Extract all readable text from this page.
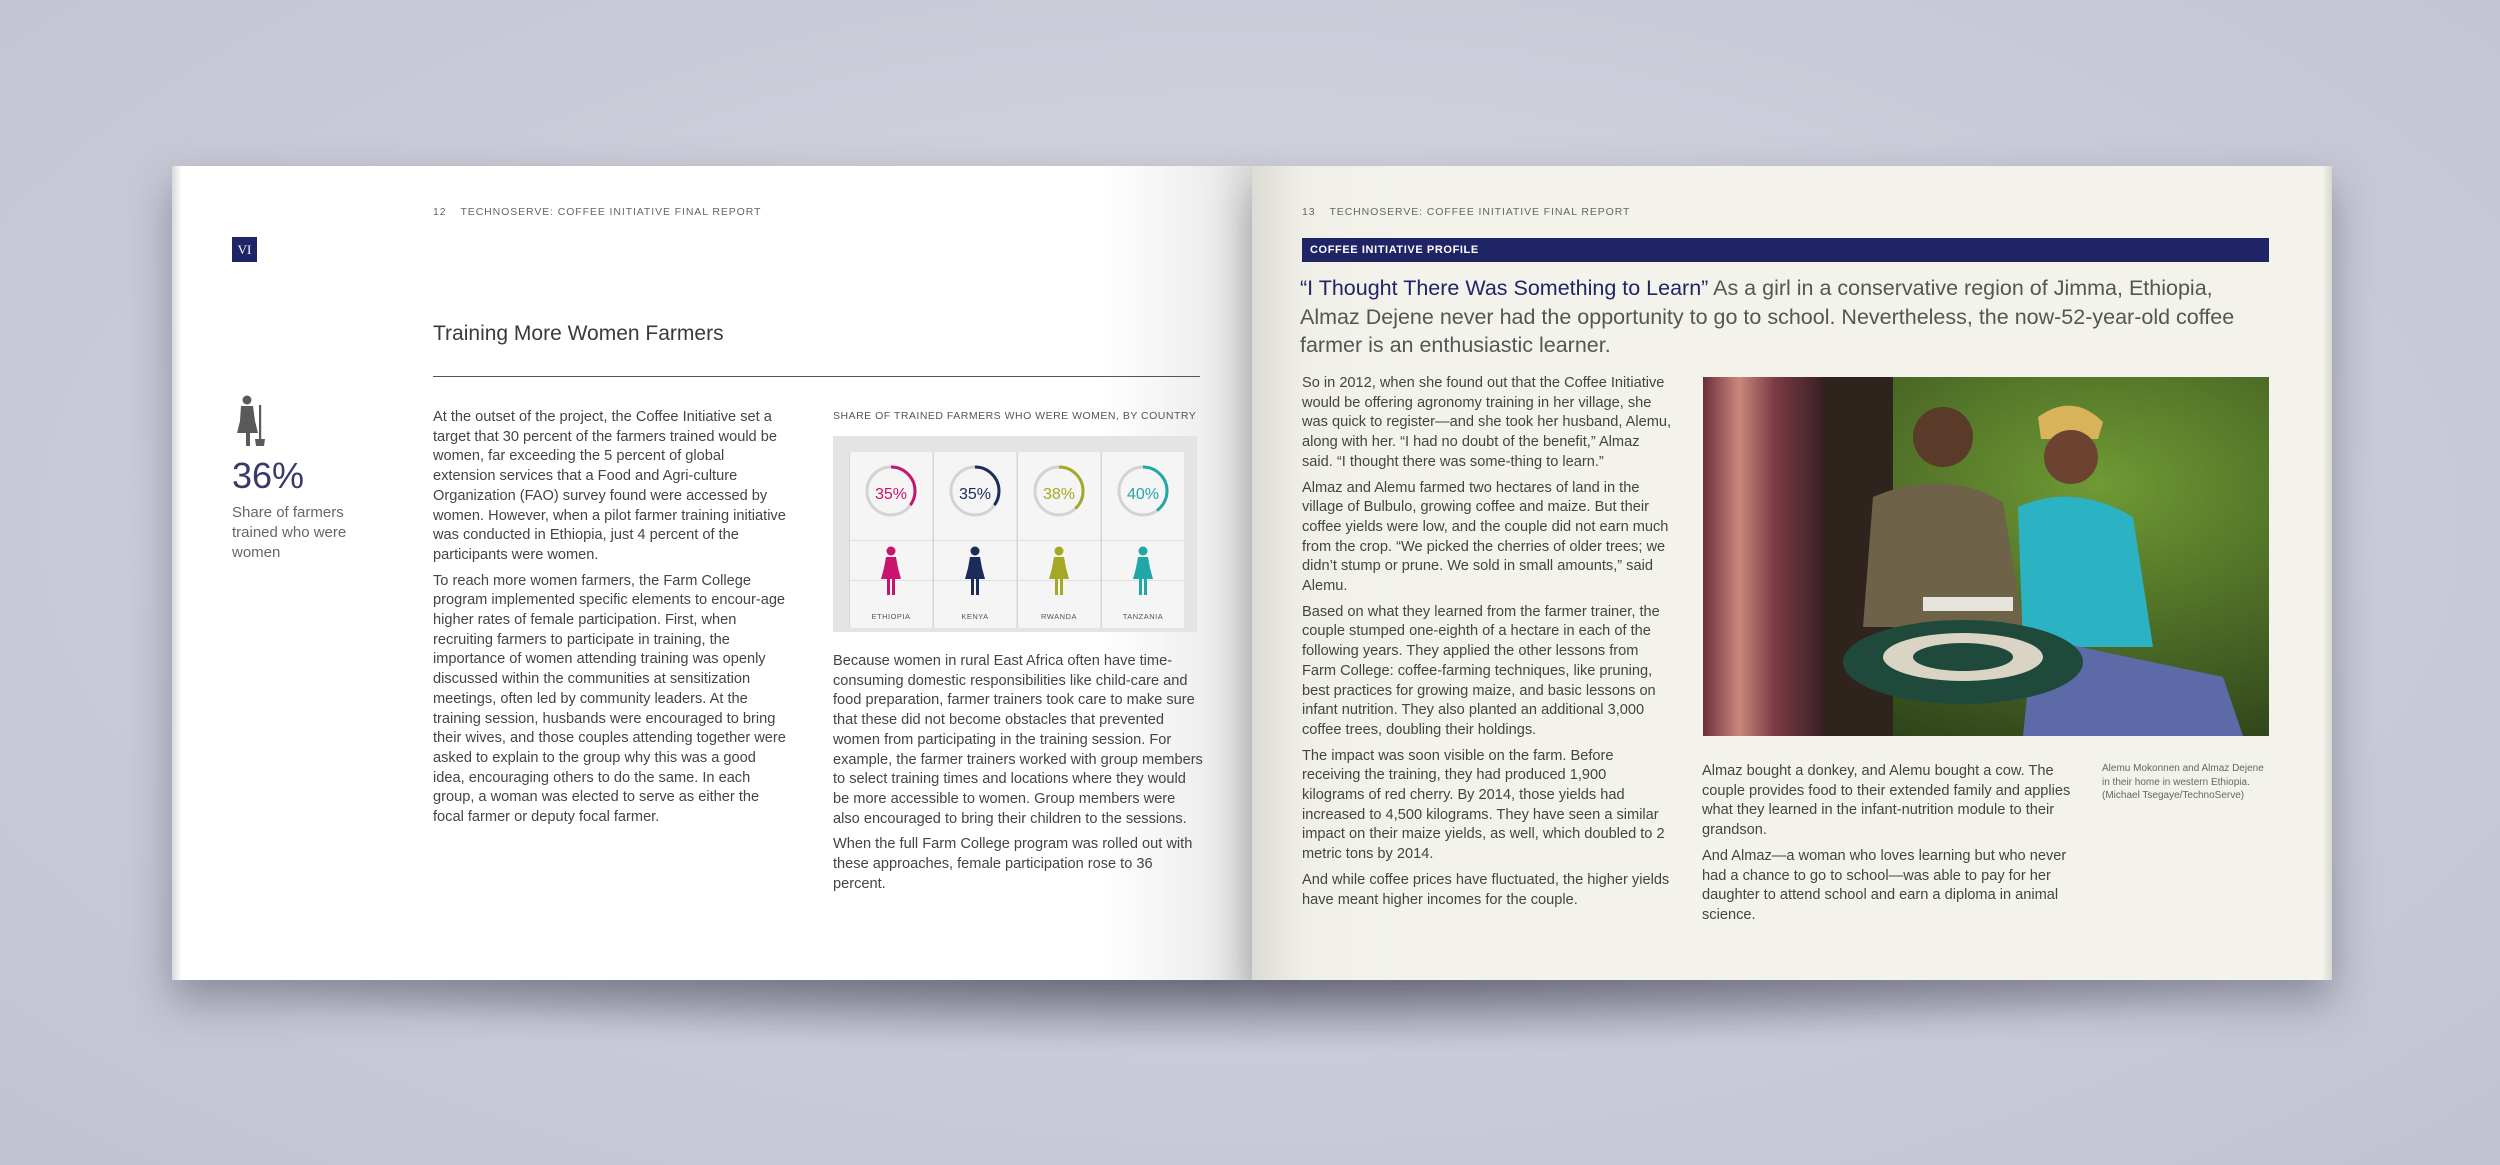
12 TECHNOSERVE: COFFEE INITIATIVE FINAL REPORT
VI
Training More Women Farmers
36%
Share of farmers trained who were women

At the outset of the project, the Coffee Initiative set a target that 30 percent of the farmers trained would be women, far exceeding the 5 percent of global extension services that a Food and Agri-culture Organization (FAO) survey found were accessed by women. However, when a pilot farmer training initiative was conducted in Ethiopia, just 4 percent of the participants were women.

To reach more women farmers, the Farm College program implemented specific elements to encour-age higher rates of female participation. First, when recruiting farmers to participate in training, the importance of women attending training was openly discussed within the communities at sensitization meetings, often led by community leaders. At the training session, husbands were encouraged to bring their wives, and those couples attending together were asked to explain to the group why this was a good idea, encouraging others to do the same. In each group, a woman was elected to serve as either the focal farmer or deputy focal farmer.

SHARE OF TRAINED FARMERS WHO WERE WOMEN, BY COUNTRY
35%
ETHIOPIA
35%
KENYA
38%
RWANDA
40%
TANZANIA

Because women in rural East Africa often have time-consuming domestic responsibilities like child-care and food preparation, farmer trainers took care to make sure that these did not become obstacles that prevented women from participating in the training session. For example, the farmer trainers worked with group members to select training times and locations where they would be more accessible to women. Group members were also encouraged to bring their children to the sessions.

When the full Farm College program was rolled out with these approaches, female participation rose to 36 percent.

13 TECHNOSERVE: COFFEE INITIATIVE FINAL REPORT
COFFEE INITIATIVE PROFILE
“I Thought There Was Something to Learn” As a girl in a conservative region of Jimma, Ethiopia, Almaz Dejene never had the opportunity to go to school. Nevertheless, the now-52-year-old coffee farmer is an enthusiastic learner.

So in 2012, when she found out that the Coffee Initiative would be offering agronomy training in her village, she was quick to register—and she took her husband, Alemu, along with her. “I had no doubt of the benefit,” Almaz said. “I thought there was some-thing to learn.”

Almaz and Alemu farmed two hectares of land in the village of Bulbulo, growing coffee and maize. But their coffee yields were low, and the couple did not earn much from the crop. “We picked the cherries of older trees; we didn’t stump or prune. We sold in small amounts,” said Alemu.

Based on what they learned from the farmer trainer, the couple stumped one-eighth of a hectare in each of the following years. They applied the other lessons from Farm College: coffee-farming techniques, like pruning, best practices for growing maize, and basic lessons on infant nutrition. They also planted an additional 3,000 coffee trees, doubling their holdings.

The impact was soon visible on the farm. Before receiving the training, they had produced 1,900 kilograms of red cherry. By 2014, those yields had increased to 4,500 kilograms. They have seen a similar impact on their maize yields, as well, which doubled to 2 metric tons by 2014.

And while coffee prices have fluctuated, the higher yields have meant higher incomes for the couple.

Almaz bought a donkey, and Alemu bought a cow. The couple provides food to their extended family and applies what they learned in the infant-nutrition module to their grandson.

And Almaz—a woman who loves learning but who never had a chance to go to school—was able to pay for her daughter to attend school and earn a diploma in animal science.

Alemu Mokonnen and Almaz Dejene in their home in western Ethiopia.
(Michael Tsegaye/TechnoServe)
